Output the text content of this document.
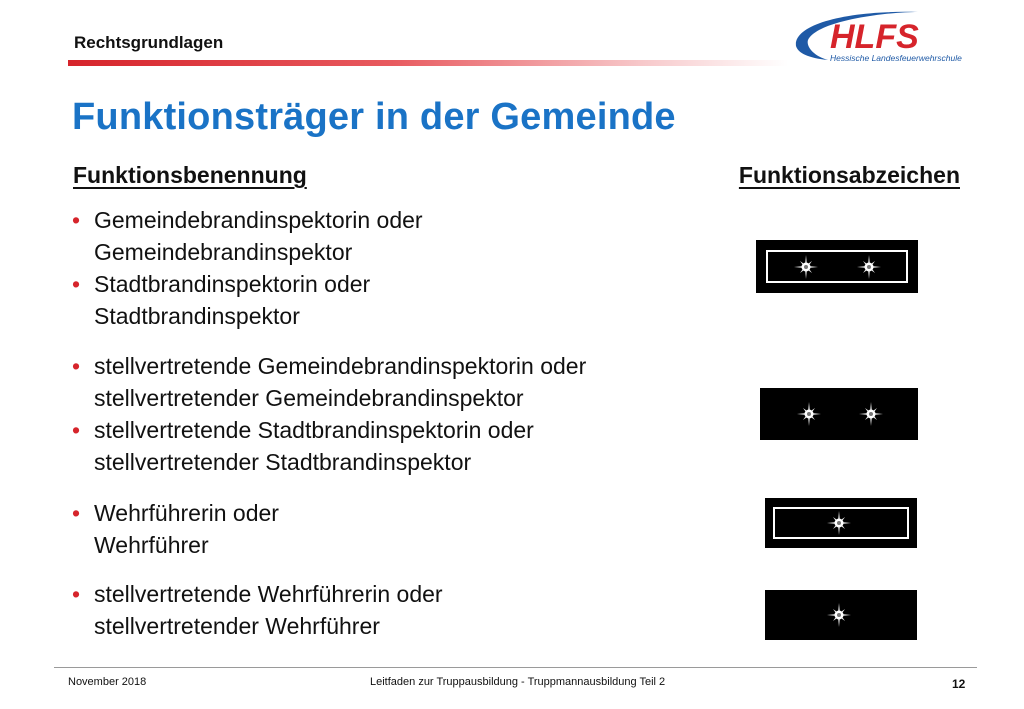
Rechtsgrundlagen	HLFS
Hessische Landesfeuerwehrschule
Funktionsträger in der Gemeinde
Funktionsbenennung	Funktionsabzeichen
• Gemeindebrandinspektorin oder
Gemeindebrandinspektor
• Stadtbrandinspektorin oder
Stadtbrandinspektor
• stellvertretende Gemeindebrandinspektorin oder
stellvertretender Gemeindebrandinspektor
• stellvertretende Stadtbrandinspektorin oder
stellvertretender Stadtbrandinspektor
• Wehrführerin oder
Wehrführer
• stellvertretende Wehrführerin oder
stellvertretender Wehrführer
November 2018	Leitfaden zur Truppausbildung - Truppmannausbildung Teil 2	12
